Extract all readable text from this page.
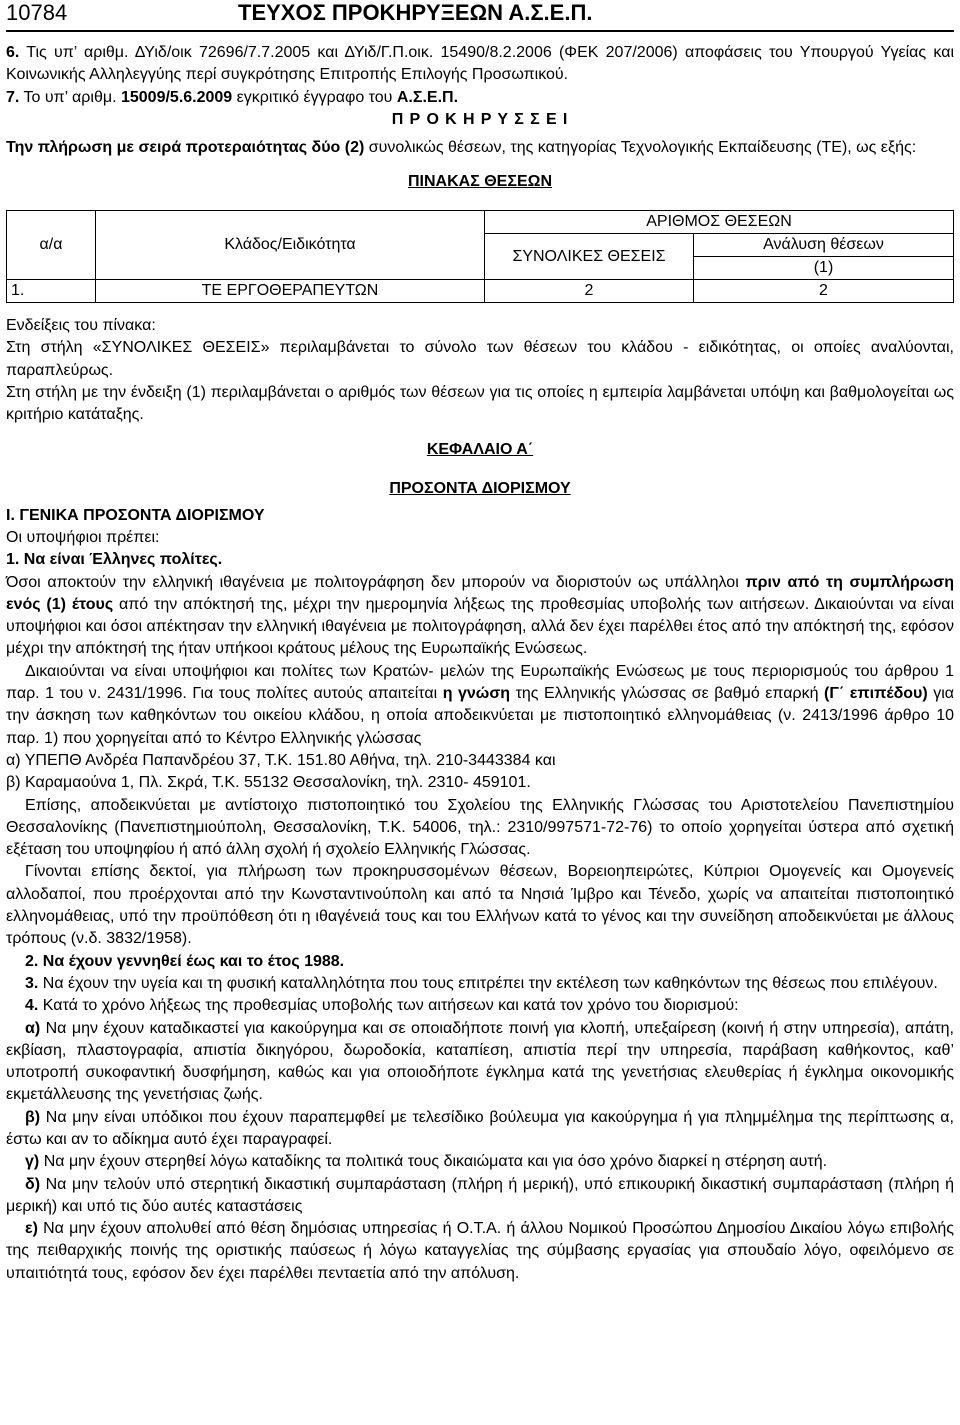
10784	ΤΕΥΧΟΣ ΠΡΟΚΗΡΥΞΕΩΝ Α.Σ.Ε.Π.

6. Τις υπ’ αριθμ. ΔΥιδ/οικ 72696/7.7.2005 και ΔΥιδ/Γ.Π.οικ. 15490/8.2.2006 (ΦΕΚ 207/2006) αποφάσεις του Υπουργού Υγείας και Κοινωνικής Αλληλεγγύης περί συγκρότησης Επιτροπής Επιλογής Προσωπικού.

7. Το υπ’ αριθμ. 15009/5.6.2009 εγκριτικό έγγραφο του Α.Σ.Ε.Π.

Π Ρ Ο Κ Η Ρ Υ Σ Σ Ε Ι

Την πλήρωση με σειρά προτεραιότητας δύο (2) συνολικώς θέσεων, της κατηγορίας Τεχνολογικής Εκπαίδευσης (ΤΕ), ως εξής:

ΠΙΝΑΚΑΣ ΘΕΣΕΩΝ

α/α	Κλάδος/Ειδικότητα	ΑΡΙΘΜΟΣ ΘΕΣΕΩΝ	
		ΣΥΝΟΛΙΚΕΣ ΘΕΣΕΙΣ	Ανάλυση θέσεων
			(1)
1.	ΤΕ ΕΡΓΟΘΕΡΑΠΕΥΤΩΝ	2	2

Ενδείξεις του πίνακα:

Στη στήλη «ΣΥΝΟΛΙΚΕΣ ΘΕΣΕΙΣ» περιλαμβάνεται το σύνολο των θέσεων του κλάδου - ειδικότητας, οι οποίες αναλύονται, παραπλεύρως.

Στη στήλη με την ένδειξη (1) περιλαμβάνεται ο αριθμός των θέσεων για τις οποίες η εμπειρία λαμβάνεται υπόψη και βαθμολογείται ως κριτήριο κατάταξης.

ΚΕΦΑΛΑΙΟ Α΄

ΠΡΟΣΟΝΤΑ ΔΙΟΡΙΣΜΟΥ

Ι. ΓΕΝΙΚΑ ΠΡΟΣΟΝΤΑ ΔΙΟΡΙΣΜΟΥ

Οι υποψήφιοι πρέπει:

1. Να είναι Έλληνες πολίτες.

Όσοι αποκτούν την ελληνική ιθαγένεια με πολιτογράφηση δεν μπορούν να διοριστούν ως υπάλληλοι πριν από τη συμπλήρωση ενός (1) έτους από την απόκτησή της, μέχρι την ημερομηνία λήξεως της προθεσμίας υποβολής των αιτήσεων. Δικαιούνται να είναι υποψήφιοι και όσοι απέκτησαν την ελληνική ιθαγένεια με πολιτογράφηση, αλλά δεν έχει παρέλθει έτος από την απόκτησή της, εφόσον μέχρι την απόκτησή της ήταν υπήκοοι κράτους μέλους της Ευρωπαϊκής Ενώσεως.

Δικαιούνται να είναι υποψήφιοι και πολίτες των Κρατών- μελών της Ευρωπαϊκής Ενώσεως με τους περιορισμούς του άρθρου 1 παρ. 1 του ν. 2431/1996. Για τους πολίτες αυτούς απαιτείται η γνώση της Ελληνικής γλώσσας σε βαθμό επαρκή (Γ΄ επιπέδου) για την άσκηση των καθηκόντων του οικείου κλάδου, η οποία αποδεικνύεται με πιστοποιητικό ελληνομάθειας (ν. 2413/1996 άρθρο 10 παρ. 1) που χορηγείται από το Κέντρο Ελληνικής γλώσσας

α) ΥΠΕΠΘ Ανδρέα Παπανδρέου 37, Τ.Κ. 151.80 Αθήνα, τηλ. 210-3443384 και

β) Καραμαούνα 1, Πλ. Σκρά, Τ.Κ. 55132 Θεσσαλονίκη, τηλ. 2310- 459101.

Επίσης, αποδεικνύεται με αντίστοιχο πιστοποιητικό του Σχολείου της Ελληνικής Γλώσσας του Αριστοτελείου Πανεπιστημίου Θεσσαλονίκης (Πανεπιστημιούπολη, Θεσσαλονίκη, Τ.Κ. 54006, τηλ.: 2310/997571-72-76) το οποίο χορηγείται ύστερα από σχετική εξέταση του υποψηφίου ή από άλλη σχολή ή σχολείο Ελληνικής Γλώσσας.

Γίνονται επίσης δεκτοί, για πλήρωση των προκηρυσσομένων θέσεων, Βορειοηπειρώτες, Κύπριοι Ομογενείς και Ομογενείς αλλοδαποί, που προέρχονται από την Κωνσταντινούπολη και από τα Νησιά Ίμβρο και Τένεδο, χωρίς να απαιτείται πιστοποιητικό ελληνομάθειας, υπό την προϋπόθεση ότι η ιθαγένειά τους και του Ελλήνων κατά το γένος και την συνείδηση αποδεικνύεται με άλλους τρόπους (ν.δ. 3832/1958).

2. Να έχουν γεννηθεί έως και το έτος 1988.

3. Να έχουν την υγεία και τη φυσική καταλληλότητα που τους επιτρέπει την εκτέλεση των καθηκόντων της θέσεως που επιλέγουν.

4. Κατά το χρόνο λήξεως της προθεσμίας υποβολής των αιτήσεων και κατά τον χρόνο του διορισμού:

α) Να μην έχουν καταδικαστεί για κακούργημα και σε οποιαδήποτε ποινή για κλοπή, υπεξαίρεση (κοινή ή στην υπηρεσία), απάτη, εκβίαση, πλαστογραφία, απιστία δικηγόρου, δωροδοκία, καταπίεση, απιστία περί την υπηρεσία, παράβαση καθήκοντος, καθ’ υποτροπή συκοφαντική δυσφήμηση, καθώς και για οποιοδήποτε έγκλημα κατά της γενετήσιας ελευθερίας ή έγκλημα οικονομικής εκμετάλλευσης της γενετήσιας ζωής.

β) Να μην είναι υπόδικοι που έχουν παραπεμφθεί με τελεσίδικο βούλευμα για κακούργημα ή για πλημμέλημα της περίπτωσης α, έστω και αν το αδίκημα αυτό έχει παραγραφεί.

γ) Να μην έχουν στερηθεί λόγω καταδίκης τα πολιτικά τους δικαιώματα και για όσο χρόνο διαρκεί η στέρηση αυτή.

δ) Να μην τελούν υπό στερητική δικαστική συμπαράσταση (πλήρη ή μερική), υπό επικουρική δικαστική συμπαράσταση (πλήρη ή μερική) και υπό τις δύο αυτές καταστάσεις

ε) Να μην έχουν απολυθεί από θέση δημόσιας υπηρεσίας ή Ο.Τ.Α. ή άλλου Νομικού Προσώπου Δημοσίου Δικαίου λόγω επιβολής της πειθαρχικής ποινής της οριστικής παύσεως ή λόγω καταγγελίας της σύμβασης εργασίας για σπουδαίο λόγο, οφειλόμενο σε υπαιτιότητά τους, εφόσον δεν έχει παρέλθει πενταετία από την απόλυση.
